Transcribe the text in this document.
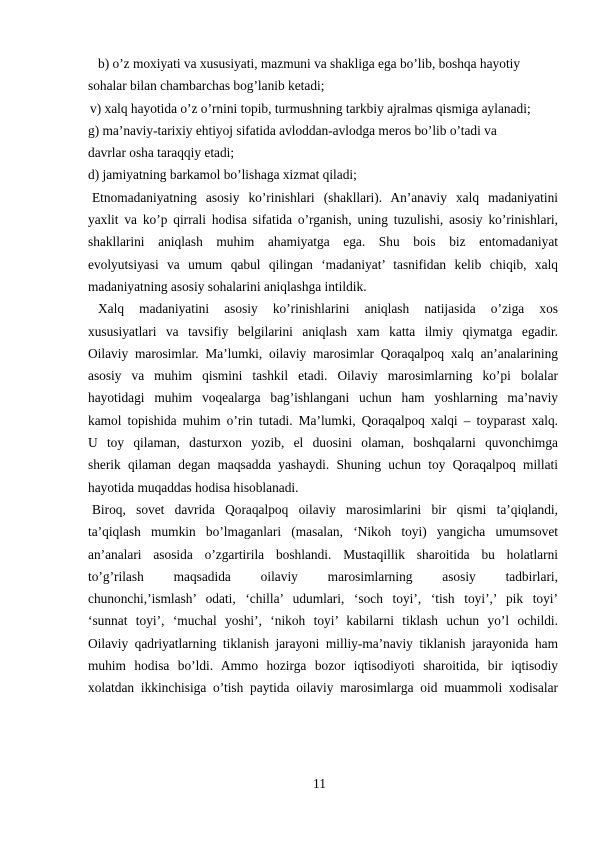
b) o’z moxiyati va xususiyati, mazmuni va shakliga ega bo’lib, boshqa hayotiy
sohalar bilan chambarchas bog’lanib ketadi;
v) xalq hayotida o’z o’rnini topib, turmushning tarkbiy ajralmas qismiga aylanadi;
g) ma’naviy-tarixiy ehtiyoj sifatida avloddan-avlodga meros bo’lib o’tadi va
davrlar osha taraqqiy etadi;
d) jamiyatning barkamol bo’lishaga xizmat qiladi;
Etnomadaniyatning asosiy ko’rinishlari (shakllari). An’anaviy xalq madaniyatini
yaxlit va ko’p qirrali hodisa sifatida o’rganish, uning tuzulishi, asosiy ko’rinishlari,
shakllarini aniqlash muhim ahamiyatga ega. Shu bois biz entomadaniyat
evolyutsiyasi va umum qabul qilingan ‘madaniyat’ tasnifidan kelib chiqib, xalq
madaniyatning asosiy sohalarini aniqlashga intildik.
Xalq madaniyatini asosiy ko’rinishlarini aniqlash natijasida o’ziga xos
xususiyatlari va tavsifiy belgilarini aniqlash xam katta ilmiy qiymatga egadir.
Oilaviy marosimlar. Ma’lumki, oilaviy marosimlar Qoraqalpoq xalq an’analarining
asosiy va muhim qismini tashkil etadi. Oilaviy marosimlarning ko’pi bolalar
hayotidagi muhim voqealarga bag’ishlangani uchun ham yoshlarning ma’naviy
kamol topishida muhim o’rin tutadi. Ma’lumki, Qoraqalpoq xalqi – toyparast xalq.
U toy qilaman, dasturxon yozib, el duosini olaman, boshqalarni quvonchimga
sherik qilaman degan maqsadda yashaydi. Shuning uchun toy Qoraqalpoq millati
hayotida muqaddas hodisa hisoblanadi.
Biroq, sovet davrida Qoraqalpoq oilaviy marosimlarini bir qismi ta’qiqlandi,
ta’qiqlash mumkin bo’lmaganlari (masalan, ‘Nikoh toyi) yangicha umumsovet
an’analari asosida o’zgartirila boshlandi. Mustaqillik sharoitida bu holatlarni
to’g’rilash maqsadida oilaviy marosimlarning asosiy tadbirlari,
chunonchi,’ismlash’ odati, ‘chilla’ udumlari, ‘soch toyi’, ‘tish toyi’,’ pik toyi’
‘sunnat toyi’, ‘muchal yoshi’, ‘nikoh toyi’ kabilarni tiklash uchun yo’l ochildi.
Oilaviy qadriyatlarning tiklanish jarayoni milliy-ma’naviy tiklanish jarayonida ham
muhim hodisa bo’ldi. Ammo hozirga bozor iqtisodiyoti sharoitida, bir iqtisodiy
xolatdan ikkinchisiga o’tish paytida oilaviy marosimlarga oid muammoli xodisalar
11
